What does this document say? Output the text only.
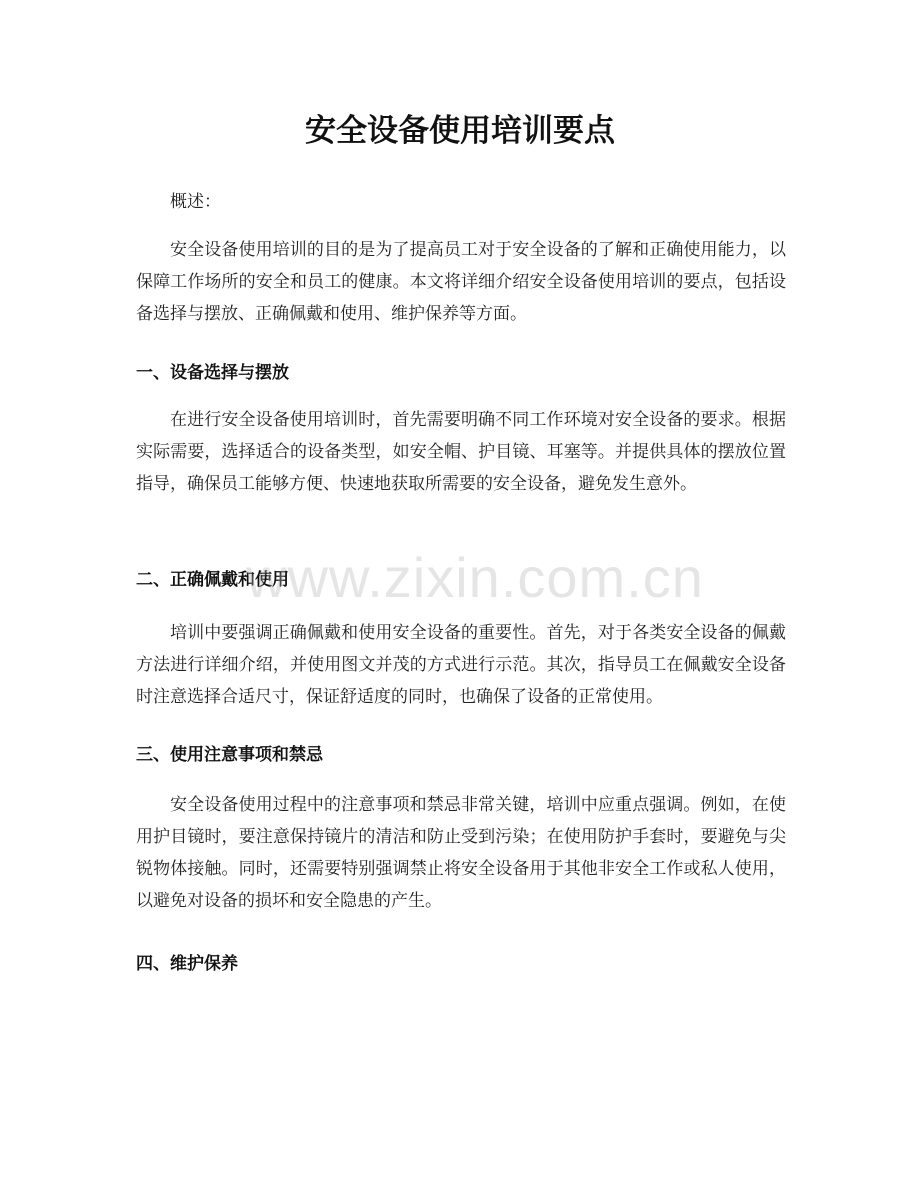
安全设备使用培训要点

概述：

安全设备使用培训的目的是为了提高员工对于安全设备的了解和正确使用能力，以保障工作场所的安全和员工的健康。本文将详细介绍安全设备使用培训的要点，包括设备选择与摆放、正确佩戴和使用、维护保养等方面。

一、设备选择与摆放

在进行安全设备使用培训时，首先需要明确不同工作环境对安全设备的要求。根据实际需要，选择适合的设备类型，如安全帽、护目镜、耳塞等。并提供具体的摆放位置指导，确保员工能够方便、快速地获取所需要的安全设备，避免发生意外。

二、正确佩戴和使用

培训中要强调正确佩戴和使用安全设备的重要性。首先，对于各类安全设备的佩戴方法进行详细介绍，并使用图文并茂的方式进行示范。其次，指导员工在佩戴安全设备时注意选择合适尺寸，保证舒适度的同时，也确保了设备的正常使用。

三、使用注意事项和禁忌

安全设备使用过程中的注意事项和禁忌非常关键，培训中应重点强调。例如，在使用护目镜时，要注意保持镜片的清洁和防止受到污染；在使用防护手套时，要避免与尖锐物体接触。同时，还需要特别强调禁止将安全设备用于其他非安全工作或私人使用，以避免对设备的损坏和安全隐患的产生。

四、维护保养
www.zixin.com.cn
